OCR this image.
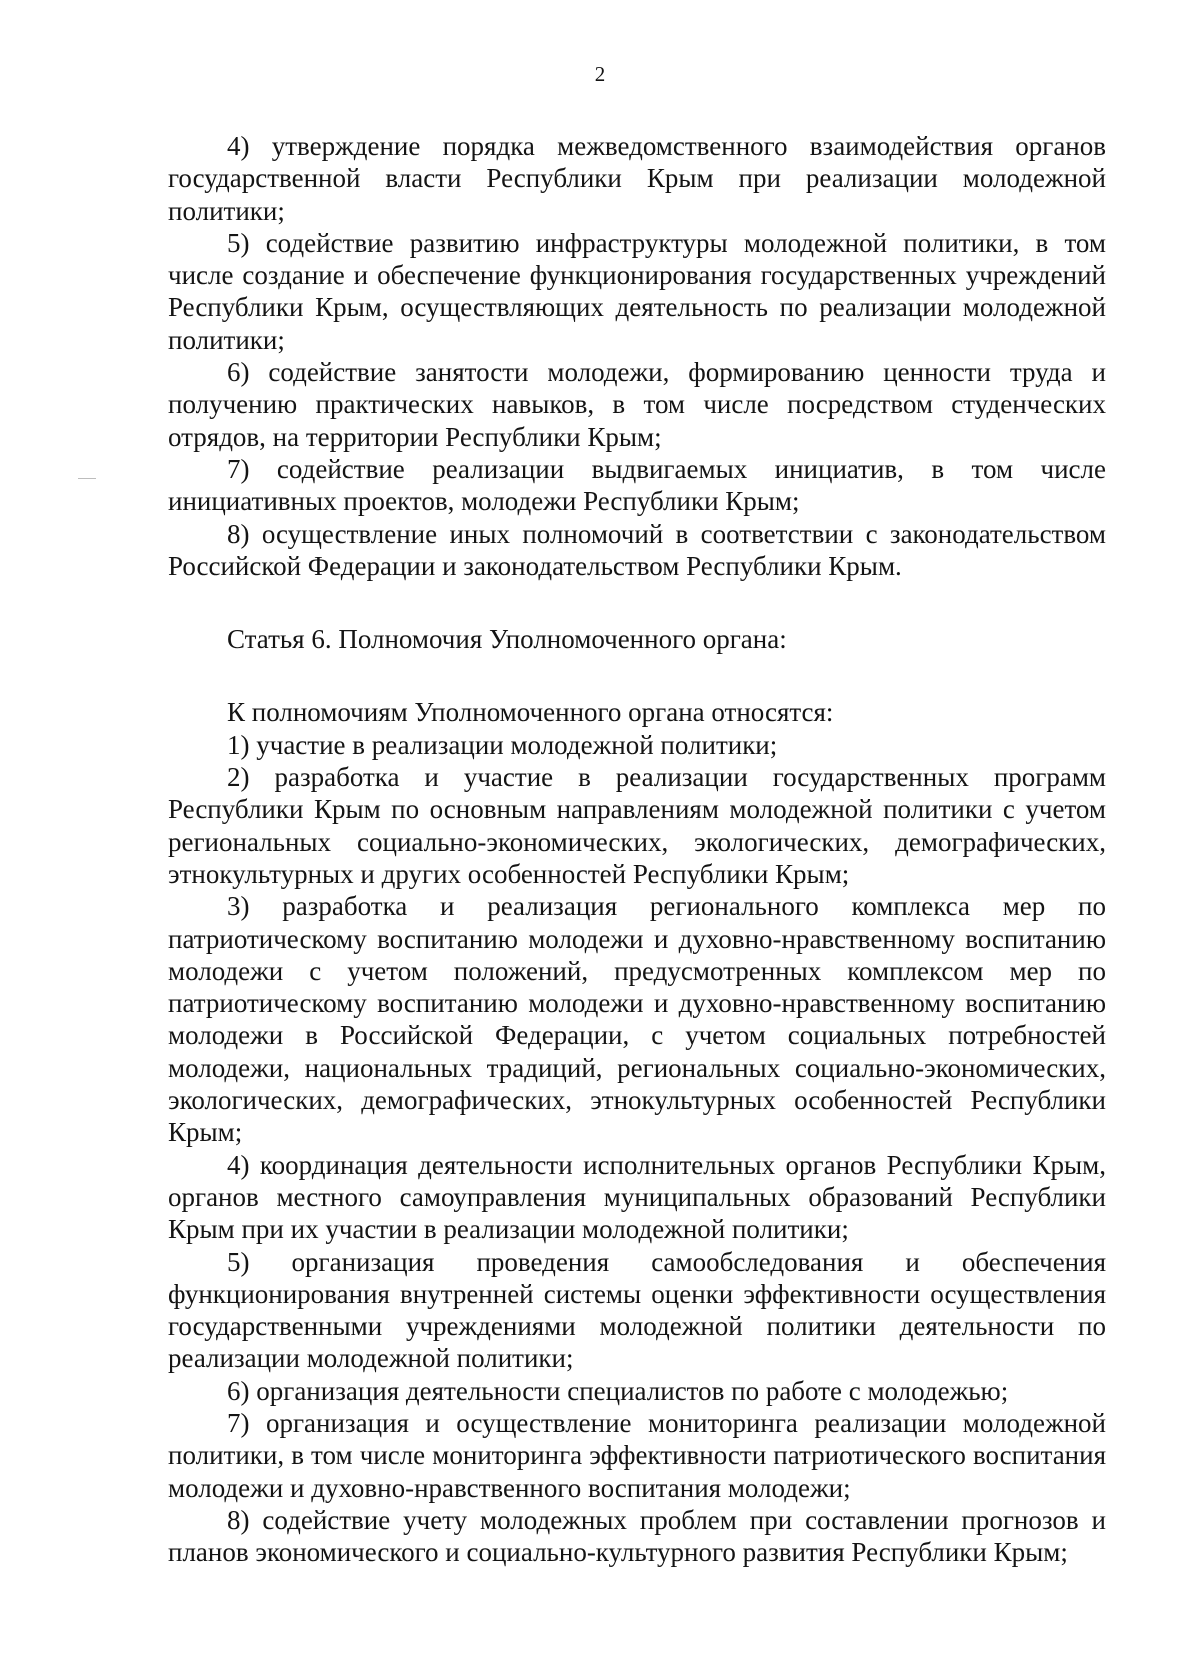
2

4) утверждение порядка межведомственного взаимодействия органов государственной власти Республики Крым при реализации молодежной политики;

5) содействие развитию инфраструктуры молодежной политики, в том числе создание и обеспечение функционирования государственных учреждений Республики Крым, осуществляющих деятельность по реализации молодежной политики;

6) содействие занятости молодежи, формированию ценности труда и получению практических навыков, в том числе посредством студенческих отрядов, на территории Республики Крым;

7) содействие реализации выдвигаемых инициатив, в том числе инициативных проектов, молодежи Республики Крым;

8) осуществление иных полномочий в соответствии с законодательством Российской Федерации и законодательством Республики Крым.

Статья 6. Полномочия Уполномоченного органа:

К полномочиям Уполномоченного органа относятся:

1) участие в реализации молодежной политики;

2) разработка и участие в реализации государственных программ Республики Крым по основным направлениям молодежной политики с учетом региональных социально-экономических, экологических, демографических, этнокультурных и других особенностей Республики Крым;

3) разработка и реализация регионального комплекса мер по патриотическому воспитанию молодежи и духовно-нравственному воспитанию молодежи с учетом положений, предусмотренных комплексом мер по патриотическому воспитанию молодежи и духовно-нравственному воспитанию молодежи в Российской Федерации, с учетом социальных потребностей молодежи, национальных традиций, региональных социально-экономических, экологических, демографических, этнокультурных особенностей Республики Крым;

4) координация деятельности исполнительных органов Республики Крым, органов местного самоуправления муниципальных образований Республики Крым при их участии в реализации молодежной политики;

5) организация проведения самообследования и обеспечения функционирования внутренней системы оценки эффективности осуществления государственными учреждениями молодежной политики деятельности по реализации молодежной политики;

6) организация деятельности специалистов по работе с молодежью;

7) организация и осуществление мониторинга реализации молодежной политики, в том числе мониторинга эффективности патриотического воспитания молодежи и духовно-нравственного воспитания молодежи;

8) содействие учету молодежных проблем при составлении прогнозов и планов экономического и социально-культурного развития Республики Крым;
